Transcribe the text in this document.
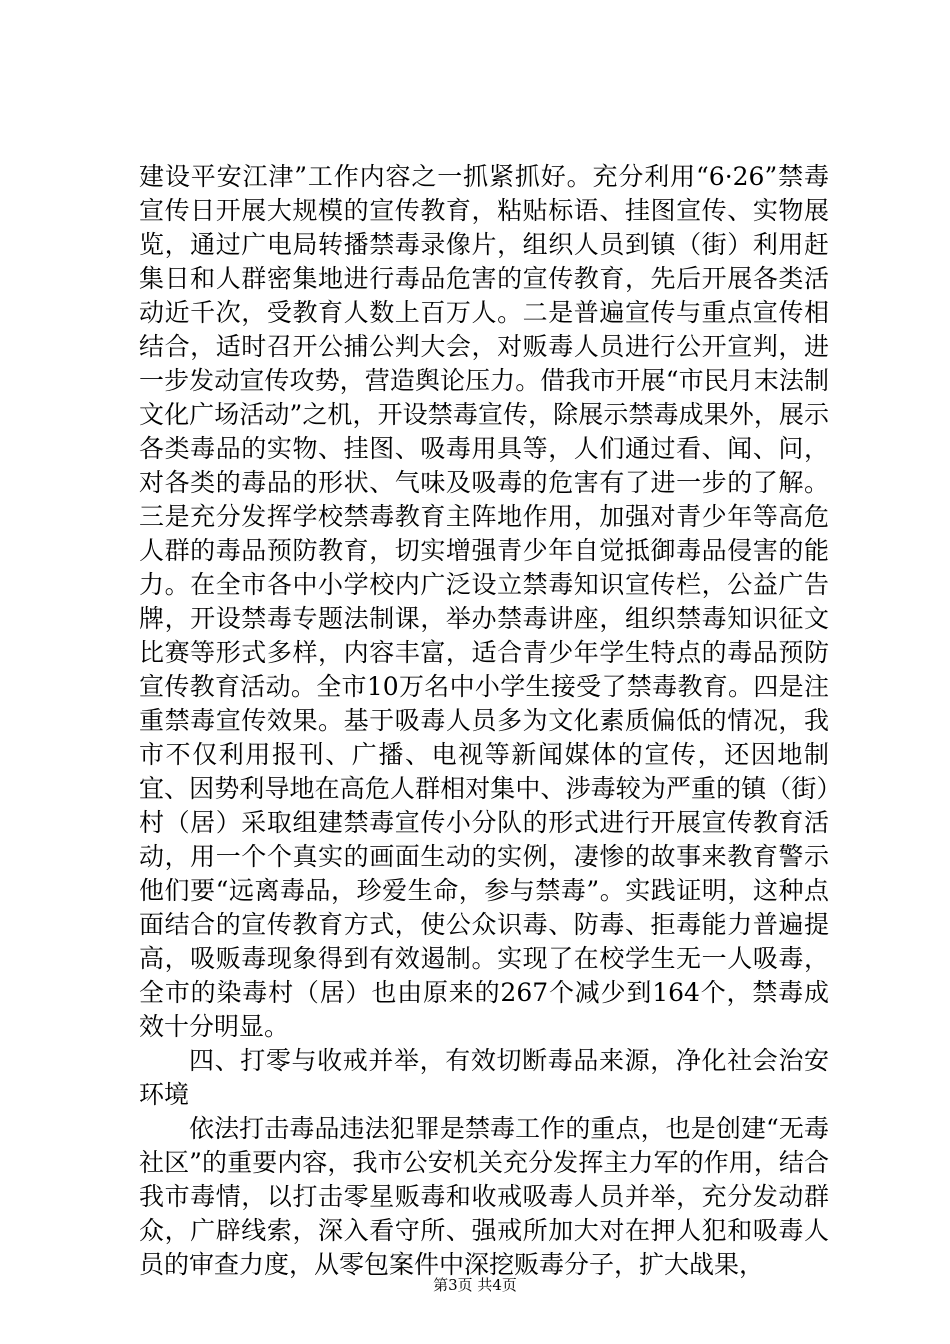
建设平安江津”工作内容之一抓紧抓好。充分利用“6·26”禁毒宣传日开展大规模的宣传教育，粘贴标语、挂图宣传、实物展览，通过广电局转播禁毒录像片，组织人员到镇（街）利用赶集日和人群密集地进行毒品危害的宣传教育，先后开展各类活动近千次，受教育人数上百万人。二是普遍宣传与重点宣传相结合，适时召开公捕公判大会，对贩毒人员进行公开宣判，进一步发动宣传攻势，营造舆论压力。借我市开展“市民月末法制文化广场活动”之机，开设禁毒宣传，除展示禁毒成果外，展示各类毒品的实物、挂图、吸毒用具等，人们通过看、闻、问，对各类的毒品的形状、气味及吸毒的危害有了进一步的了解。三是充分发挥学校禁毒教育主阵地作用，加强对青少年等高危人群的毒品预防教育，切实增强青少年自觉抵御毒品侵害的能力。在全市各中小学校内广泛设立禁毒知识宣传栏，公益广告牌，开设禁毒专题法制课，举办禁毒讲座，组织禁毒知识征文比赛等形式多样，内容丰富，适合青少年学生特点的毒品预防宣传教育活动。全市10万名中小学生接受了禁毒教育。四是注重禁毒宣传效果。基于吸毒人员多为文化素质偏低的情况，我市不仅利用报刊、广播、电视等新闻媒体的宣传，还因地制宜、因势利导地在高危人群相对集中、涉毒较为严重的镇（街）村（居）采取组建禁毒宣传小分队的形式进行开展宣传教育活动，用一个个真实的画面生动的实例，凄惨的故事来教育警示他们要“远离毒品，珍爱生命，参与禁毒”。实践证明，这种点面结合的宣传教育方式，使公众识毒、防毒、拒毒能力普遍提高，吸贩毒现象得到有效遏制。实现了在校学生无一人吸毒，全市的染毒村（居）也由原来的267个减少到164个，禁毒成效十分明显。

四、打零与收戒并举，有效切断毒品来源，净化社会治安环境

依法打击毒品违法犯罪是禁毒工作的重点，也是创建“无毒社区”的重要内容，我市公安机关充分发挥主力军的作用，结合我市毒情，以打击零星贩毒和收戒吸毒人员并举，充分发动群众，广辟线索，深入看守所、强戒所加大对在押人犯和吸毒人员的审查力度，从零包案件中深挖贩毒分子，扩大战果，

第3页 共4页
